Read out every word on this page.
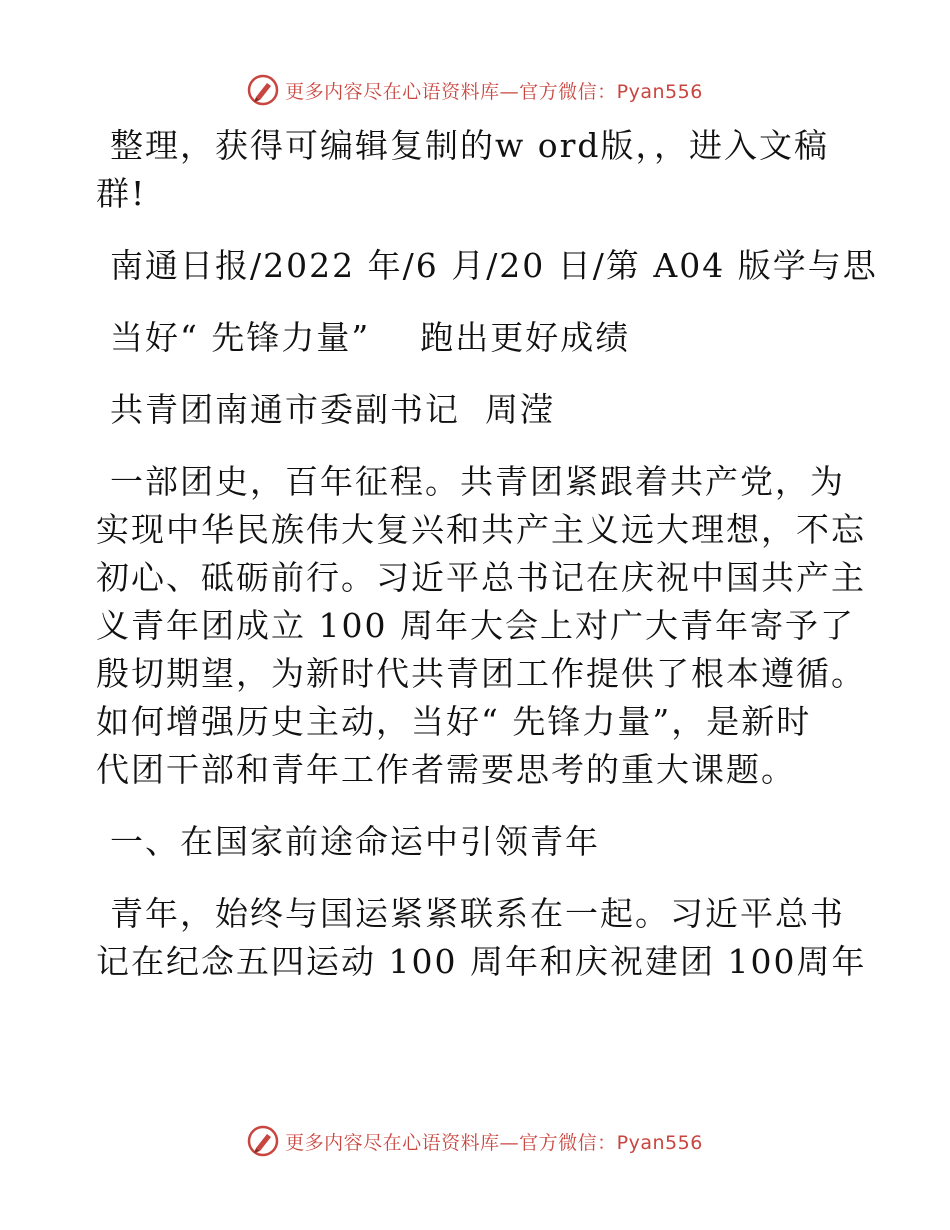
更多内容尽在心语资料库—官方微信：Pyan556

整理，获得可编辑复制的w ord版，，进入文稿

群!

南通日报/2022 年/6 月/20 日/第 A04 版学与思

当好“ 先锋力量”    跑出更好成绩

共青团南通市委副书记  周滢

一部团史，百年征程。共青团紧跟着共产党，为

实现中华民族伟大复兴和共产主义远大理想，不忘

初心、砥砺前行。习近平总书记在庆祝中国共产主

义青年团成立 100 周年大会上对广大青年寄予了

殷切期望，为新时代共青团工作提供了根本遵循。

如何增强历史主动，当好“ 先锋力量”，是新时

代团干部和青年工作者需要思考的重大课题。

一、在国家前途命运中引领青年

青年，始终与国运紧紧联系在一起。习近平总书

记在纪念五四运动 100 周年和庆祝建团 100周年

更多内容尽在心语资料库—官方微信：Pyan556
